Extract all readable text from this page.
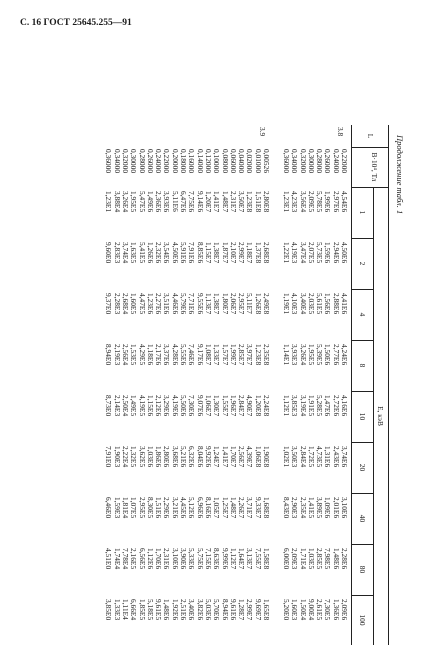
С. 16 ГОСТ 25645.255—91
Продолжение табл. 1
L
B·10⁴, Тл
E, кэВ
1
2
4
8
10
20
40
80
100
3.8
0,22000
0,24000
0,26000
0,28000
0,30000
0,32000
0,34000
0,36000
4,54E6
2,97E6
1,99E6
5,78E5
2,09E5
3,56E4
4,23E3
1,23E1
4,50E6
2,94E6
1,59E6
5,73E5
2,07E5
3,47E4
4,19E3
1,22E1
4,41E6
2,88E6
1,56E6
5,61E5
2,03E5
3,40E4
4,10E3
1,19E1
4,24E6
2,77E6
1,50E6
5,39E5
1,95E5
3,26E4
3,93E3
1,14E1
4,16E6
2,72E6
1,47E6
5,28E5
1,91E5
3,19E4
3,85E3
1,12E1
3,74E6
2,43E6
1,31E6
4,73E5
1,72E5
2,84E4
3,50E3
1,02E1
3,10E6
2,01E6
1,09E6
3,89E5
1,41E5
2,35E4
2,90E3
8,43E0
2,28E6
1,48E6
7,98E5
2,85E5
1,03E5
1,71E4
2,09E3
6,00E0
2,09E6
1,36E6
7,30E5
2,61E5
9,00E4
1,50E4
1,60E3
5,20E0
3.9
0,00526
0,01000
0,02000
0,04000
0,06000
0,08000
0,10000
0,12000
0,14000
0,16000
0,18000
0,20000
0,22000
0,24000
0,26000
0,28000
0,30000
0,32000
0,34000
0,36000
2,80E8
1,51E8
1,23E8
3,50E7
2,31E7
1,48E7
1,41E7
1,20E7
9,14E6
7,75E6
6,47E6
5,11E6
3,93E6
2,36E6
1,49E6
5,47E5
1,95E5
3,26E4
3,88E4
1,23E1
2,68E8
1,37E8
1,18E7
2,99E7
2,10E7
1,87E7
1,38E7
1,15E7
8,85E6
7,91E6
5,91E6
4,50E6
3,54E6
2,32E6
1,26E6
5,41E5
1,63E5
3,74E4
2,83E3
9,60E0
2,49E8
1,26E8
5,11E7
2,95E7
2,06E7
1,80E7
1,38E7
1,13E7
9,55E6
7,71E6
5,79E6
4,46E6
3,51E6
2,27E6
1,23E6
4,47E5
1,60E5
2,68E4
2,28E3
9,37E0
2,35E8
1,23E8
3,97E7
2,85E7
1,99E7
1,57E7
1,33E7
1,08E7
9,17E6
7,46E6
5,55E6
4,28E6
3,37E6
2,17E6
1,18E6
4,29E5
1,53E5
2,56E4
2,19E3
8,94E0
2,24E8
1,20E8
4,90E7
2,84E7
1,96E7
1,55E7
1,30E7
1,06E7
9,07E6
7,30E6
5,50E6
4,19E6
3,29E6
2,12E6
1,15E6
4,19E5
1,49E5
2,50E4
2,14E3
8,73E0
1,90E8
1,06E8
4,39E7
2,56E7
1,70E7
1,41E7
1,24E7
9,92E6
8,04E6
6,32E6
5,21E6
3,68E6
2,80E6
1,86E6
1,03E6
3,62E5
1,32E5
2,22E4
1,90E3
7,91E0
1,68E8
9,33E7
3,71E7
2,26E7
1,48E7
1,25E7
1,05E7
8,16E6
6,96E6
5,12E6
4,45E6
3,21E6
2,29E6
1,51E6
8,30E5
2,95E5
1,07E5
1,81E4
1,59E3
6,46E0
1,58E8
7,55E7
3,13E7
1,64E7
1,12E7
9,99E6
8,63E6
7,15E6
5,75E6
5,33E6
3,90E6
3,10E6
2,31E6
1,70E6
1,12E6
6,56E5
2,16E5
7,78E4
1,74E4
4,51E0
1,65E8
9,69E7
2,99E7
1,28E7
9,61E6
8,94E6
5,70E6
5,03E6
3,82E6
3,40E6
2,51E6
1,92E6
1,48E6
9,61E5
5,18E5
1,85E5
6,66E4
1,11E4
1,33E3
3,85E0
